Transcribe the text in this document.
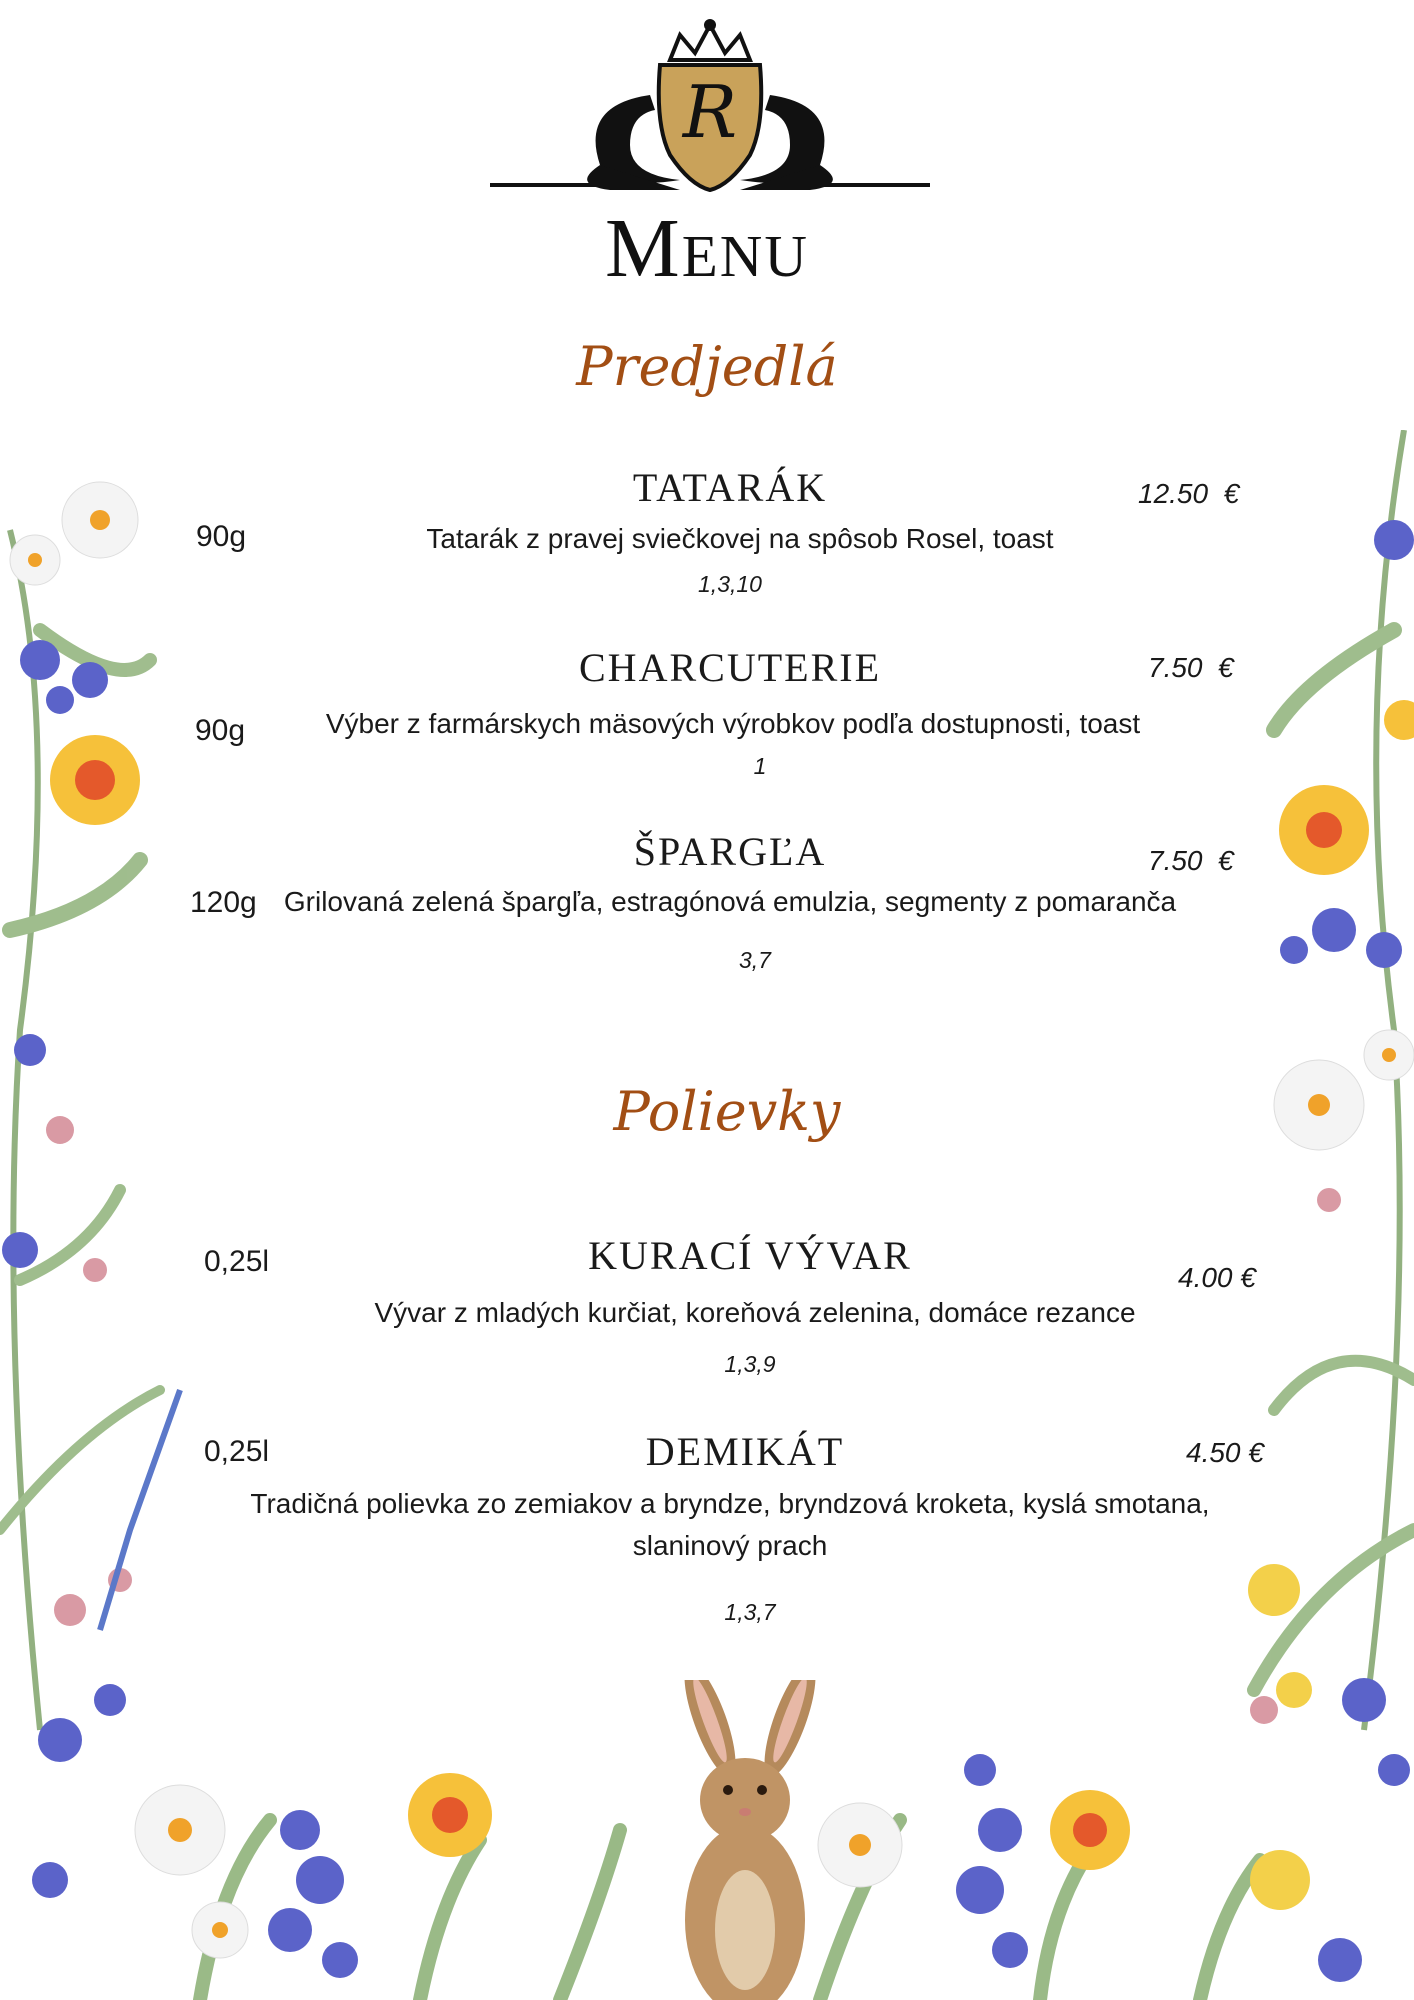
R
Menu
Predjedlá
TATARÁK	12.50  €
90g	Tatarák z pravej sviečkovej na spôsob Rosel, toast
1,3,10
CHARCUTERIE	7.50  €
90g	Výber z farmárskych mäsových výrobkov podľa dostupnosti, toast
1
ŠPARGĽA	7.50  €
120g Grilovaná zelená špargľa, estragónová emulzia, segmenty z pomaranča
3,7
Polievky
KURACÍ VÝVAR	4.00 €
0,25l
Vývar z mladých kurčiat, koreňová zelenina, domáce rezance
1,3,9
DEMIKÁT	4.50 €
0,25l
Tradičná polievka zo zemiakov a bryndze, bryndzová kroketa, kyslá smotana,
slaninový prach
1,3,7
